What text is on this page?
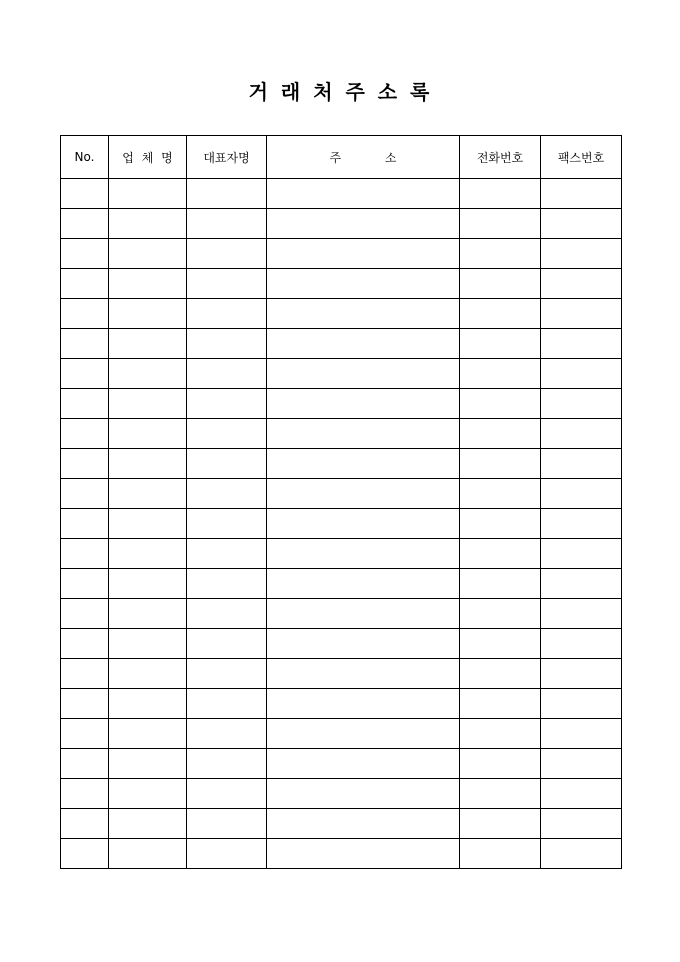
거 래 처 주 소 록
No.	업 체 명	대표자명	주 소	전화번호	팩스번호
